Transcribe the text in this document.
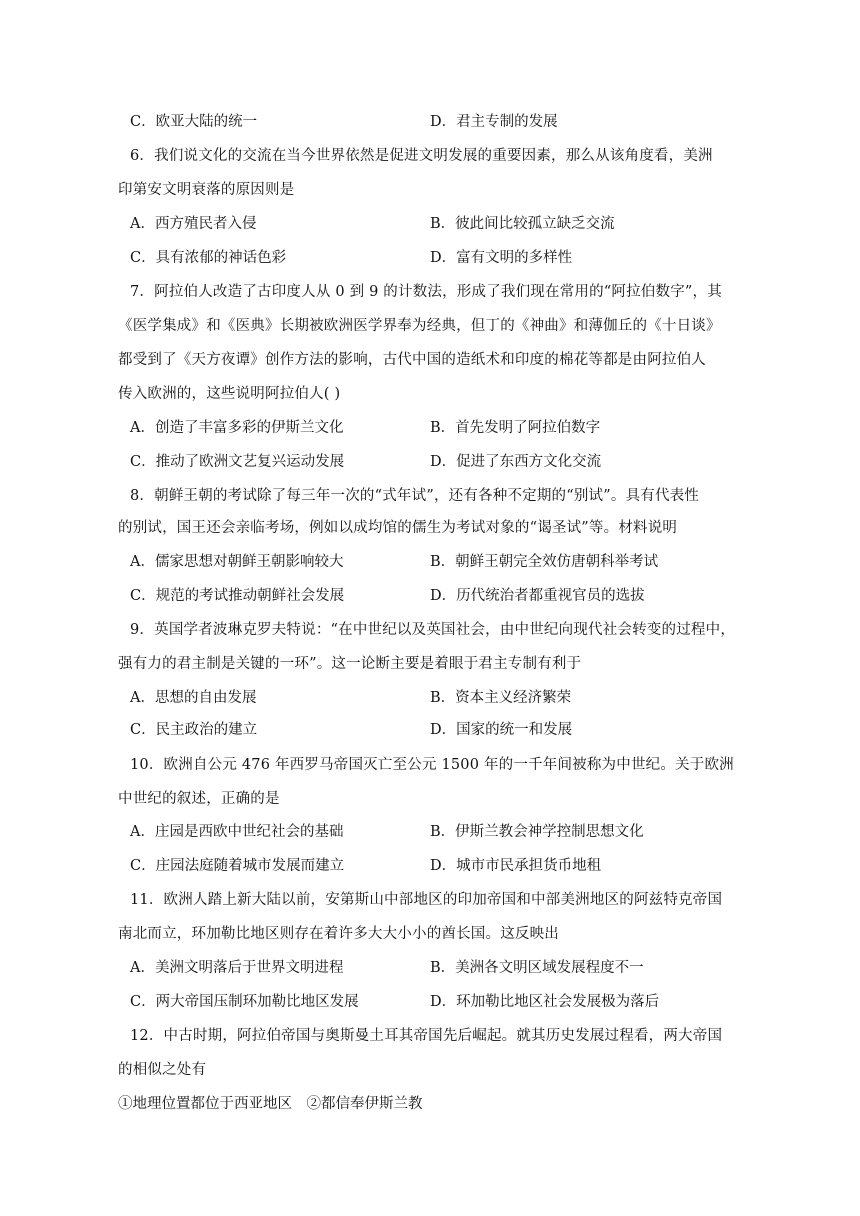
C．欧亚大陆的统一	D．君主专制的发展
6．我们说文化的交流在当今世界依然是促进文明发展的重要因素，那么从该角度看，美洲
印第安文明衰落的原因则是
A．西方殖民者入侵	B．彼此间比较孤立缺乏交流
C．具有浓郁的神话色彩	D．富有文明的多样性
7．阿拉伯人改造了古印度人从 0 到 9 的计数法，形成了我们现在常用的“阿拉伯数字”，其
《医学集成》和《医典》长期被欧洲医学界奉为经典，但丁的《神曲》和薄伽丘的《十日谈》
都受到了《天方夜谭》创作方法的影响，古代中国的造纸术和印度的棉花等都是由阿拉伯人
传入欧洲的，这些说明阿拉伯人( )
A．创造了丰富多彩的伊斯兰文化	B．首先发明了阿拉伯数字
C．推动了欧洲文艺复兴运动发展	D．促进了东西方文化交流
8．朝鲜王朝的考试除了每三年一次的“式年试”，还有各种不定期的“别试”。具有代表性
的别试，国王还会亲临考场，例如以成均馆的儒生为考试对象的“谒圣试”等。材料说明
A．儒家思想对朝鲜王朝影响较大	B．朝鲜王朝完全效仿唐朝科举考试
C．规范的考试推动朝鲜社会发展	D．历代统治者都重视官员的选拔
9．英国学者波琳克罗夫特说：“在中世纪以及英国社会，由中世纪向现代社会转变的过程中，
强有力的君主制是关键的一环”。这一论断主要是着眼于君主专制有利于
A．思想的自由发展	B．资本主义经济繁荣
C．民主政治的建立	D．国家的统一和发展
10．欧洲自公元 476 年西罗马帝国灭亡至公元 1500 年的一千年间被称为中世纪。关于欧洲
中世纪的叙述，正确的是
A．庄园是西欧中世纪社会的基础	B．伊斯兰教会神学控制思想文化
C．庄园法庭随着城市发展而建立	D．城市市民承担货币地租
11．欧洲人踏上新大陆以前，安第斯山中部地区的印加帝国和中部美洲地区的阿兹特克帝国
南北而立，环加勒比地区则存在着许多大大小小的酋长国。这反映出
A．美洲文明落后于世界文明进程	B．美洲各文明区域发展程度不一
C．两大帝国压制环加勒比地区发展	D．环加勒比地区社会发展极为落后
12．中古时期，阿拉伯帝国与奥斯曼土耳其帝国先后崛起。就其历史发展过程看，两大帝国
的相似之处有
①地理位置都位于西亚地区　②都信奉伊斯兰教
